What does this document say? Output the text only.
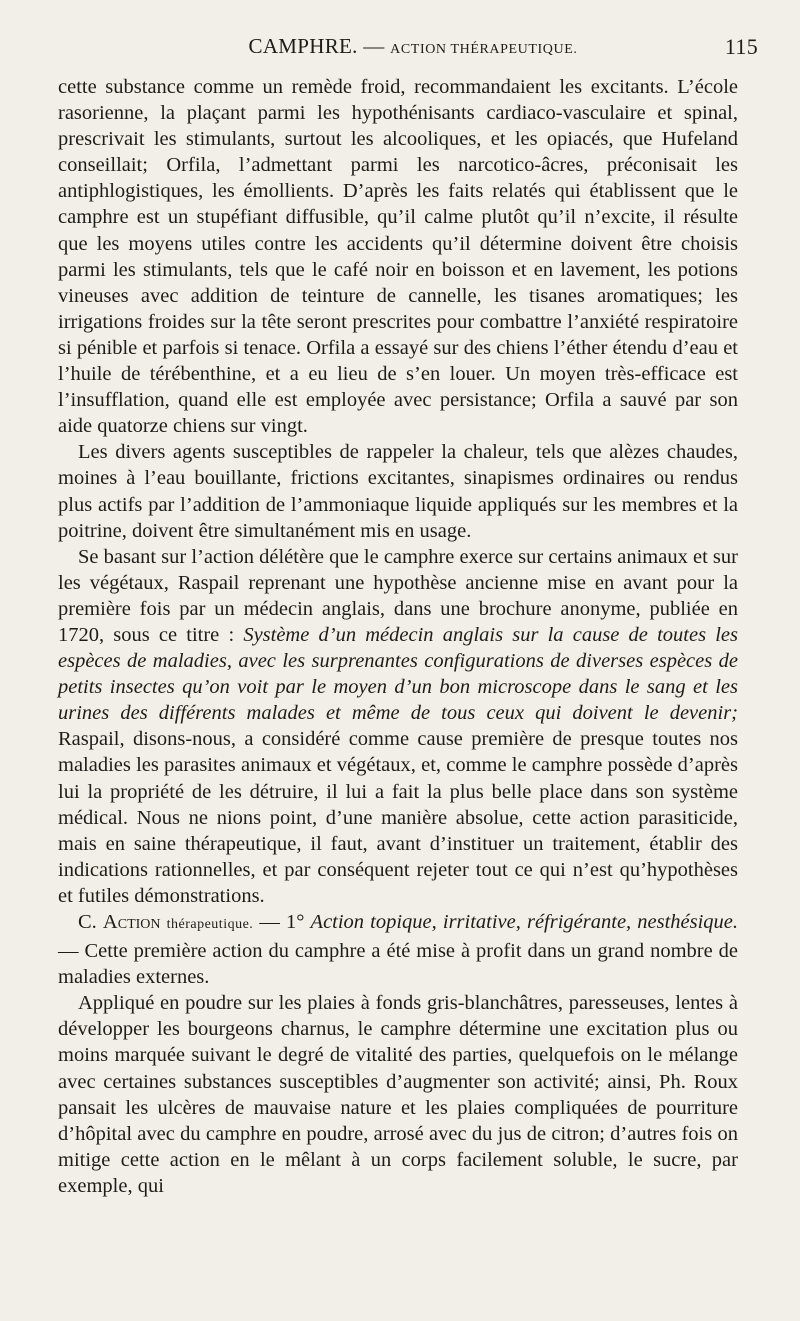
CAMPHRE. — ACTION THÉRAPEUTIQUE.	115

cette substance comme un remède froid, recommandaient les excitants. L’école rasorienne, la plaçant parmi les hypothénisants cardiaco-vasculaire et spinal, prescrivait les stimulants, surtout les alcooliques, et les opiacés, que Hufeland conseillait; Orfila, l’admettant parmi les narcotico-âcres, préconisait les antiphlogistiques, les émollients. D’après les faits relatés qui établissent que le camphre est un stupéfiant diffusible, qu’il calme plutôt qu’il n’excite, il résulte que les moyens utiles contre les accidents qu’il détermine doivent être choisis parmi les stimulants, tels que le café noir en boisson et en lavement, les potions vineuses avec addition de teinture de cannelle, les tisanes aromatiques; les irrigations froides sur la tête seront prescrites pour combattre l’anxiété respiratoire si pénible et parfois si tenace. Orfila a essayé sur des chiens l’éther étendu d’eau et l’huile de térébenthine, et a eu lieu de s’en louer. Un moyen très-efficace est l’insufflation, quand elle est employée avec persistance; Orfila a sauvé par son aide quatorze chiens sur vingt.

Les divers agents susceptibles de rappeler la chaleur, tels que alèzes chaudes, moines à l’eau bouillante, frictions excitantes, sinapismes ordinaires ou rendus plus actifs par l’addition de l’ammoniaque liquide appliqués sur les membres et la poitrine, doivent être simultanément mis en usage.

Se basant sur l’action délétère que le camphre exerce sur certains animaux et sur les végétaux, Raspail reprenant une hypothèse ancienne mise en avant pour la première fois par un médecin anglais, dans une brochure anonyme, publiée en 1720, sous ce titre : Système d’un médecin anglais sur la cause de toutes les espèces de maladies, avec les surprenantes configurations de diverses espèces de petits insectes qu’on voit par le moyen d’un bon microscope dans le sang et les urines des différents malades et même de tous ceux qui doivent le devenir; Raspail, disons-nous, a considéré comme cause première de presque toutes nos maladies les parasites animaux et végétaux, et, comme le camphre possède d’après lui la propriété de les détruire, il lui a fait la plus belle place dans son système médical. Nous ne nions point, d’une manière absolue, cette action parasiticide, mais en saine thérapeutique, il faut, avant d’instituer un traitement, établir des indications rationnelles, et par conséquent rejeter tout ce qui n’est qu’hypothèses et futiles démonstrations.

C. Action thérapeutique. — 1° Action topique, irritative, réfrigérante, nesthésique. — Cette première action du camphre a été mise à profit dans un grand nombre de maladies externes.

Appliqué en poudre sur les plaies à fonds gris-blanchâtres, paresseuses, lentes à développer les bourgeons charnus, le camphre détermine une excitation plus ou moins marquée suivant le degré de vitalité des parties, quelquefois on le mélange avec certaines substances susceptibles d’augmenter son activité; ainsi, Ph. Roux pansait les ulcères de mauvaise nature et les plaies compliquées de pourriture d’hôpital avec du camphre en poudre, arrosé avec du jus de citron; d’autres fois on mitige cette action en le mêlant à un corps facilement soluble, le sucre, par exemple, qui
